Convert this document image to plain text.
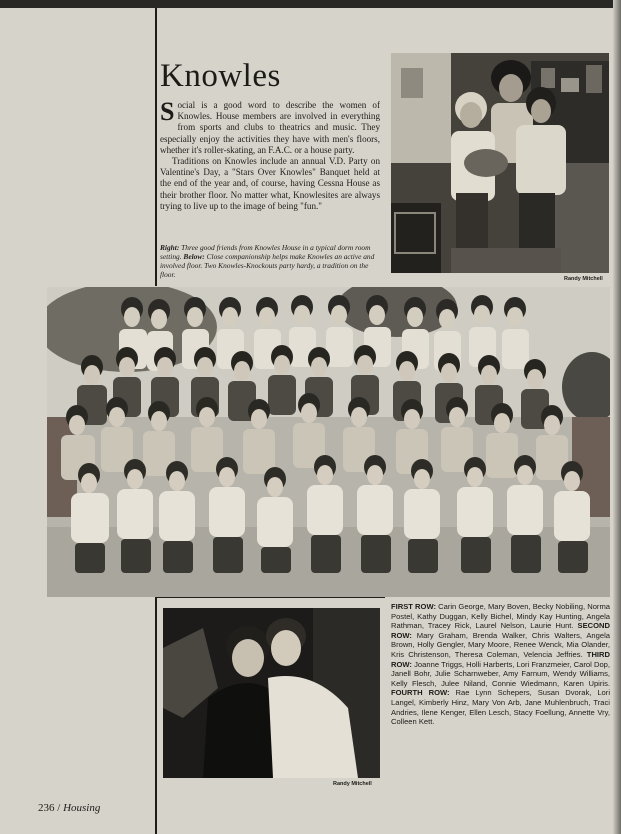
Knowles

Social is a good word to describe the women of Knowles. House members are involved in everything from sports and clubs to theatrics and music. They especially enjoy the activities they have with men's floors, whether it's roller-skating, an F.A.C. or a house party.

Traditions on Knowles include an annual V.D. Party on Valentine's Day, a "Stars Over Knowles" Banquet held at the end of the year and, of course, having Cessna House as their brother floor. No matter what, Knowlesites are always trying to live up to the image of being "fun."

Right: Three good friends from Knowles House in a typical dorm room setting. Below: Close companionship helps make Knowles an active and involved floor. Two Knowles-Knockouts party hardy, a tradition on the floor.	Randy Mitchell
Randy Mitchell
FIRST ROW: Carin George, Mary Boven, Becky Nobiling, Norma Postel, Kathy Duggan, Kelly Bichel, Mindy Kay Hunting, Angela Rathman, Tracey Rick, Laurel Nelson, Laurie Hunt. SECOND ROW: Mary Graham, Brenda Walker, Chris Walters, Angela Brown, Holly Gengler, Mary Moore, Renee Wenck, Mia Olander, Kris Christenson, Theresa Coleman, Velencia Jeffries. THIRD ROW: Joanne Triggs, Holli Harberts, Lori Franzmeier, Carol Dop, Janell Bohr, Julie Scharnweber, Amy Farnum, Wendy Williams, Kelly Flesch, Julee Niland, Connie Wiedmann, Karen Upiris. FOURTH ROW: Rae Lynn Schepers, Susan Dvorak, Lori Langel, Kimberly Hinz, Mary Von Arb, Jane Muhlenbruch, Traci Andries, Ilene Kenger, Ellen Lesch, Stacy Foellung, Annette Vry, Colleen Kett.
236 / Housing
